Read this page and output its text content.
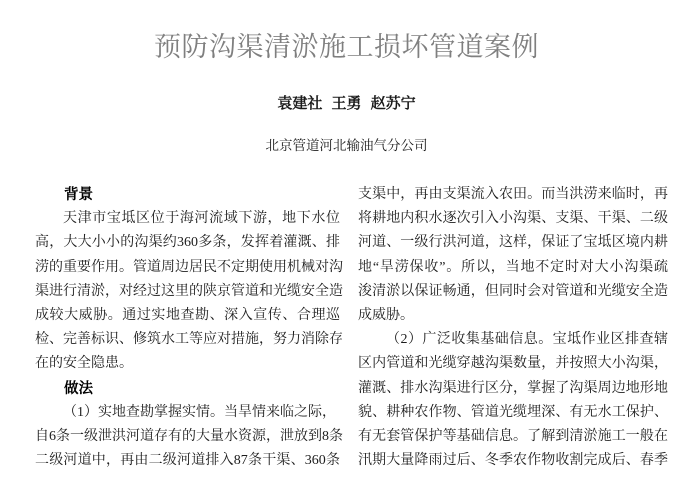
预防沟渠清淤施工损坏管道案例
袁建社 王勇 赵苏宁
北京管道河北输油气分公司
背景
天津市宝坻区位于海河流域下游，地下水位
高，大大小小的沟渠约360多条，发挥着灌溉、排
涝的重要作用。管道周边居民不定期使用机械对沟
渠进行清淤，对经过这里的陕京管道和光缆安全造
成较大威胁。通过实地查勘、深入宣传、合理巡
检、完善标识、修筑水工等应对措施，努力消除存
在的安全隐患。
做法
（1）实地查勘掌握实情。当旱情来临之际，
自6条一级泄洪河道存有的大量水资源，泄放到8条
二级河道中，再由二级河道排入87条干渠、360条
支渠中，再由支渠流入农田。而当洪涝来临时，再
将耕地内积水逐次引入小沟渠、支渠、干渠、二级
河道、一级行洪河道，这样，保证了宝坻区境内耕
地“旱涝保收”。所以，当地不定时对大小沟渠疏
浚清淤以保证畅通，但同时会对管道和光缆安全造
成威胁。
（2）广泛收集基础信息。宝坻作业区排查辖
区内管道和光缆穿越沟渠数量，并按照大小沟渠，
灌溉、排水沟渠进行区分，掌握了沟渠周边地形地
貌、耕种农作物、管道光缆埋深、有无水工保护、
有无套管保护等基础信息。了解到清淤施工一般在
汛期大量降雨过后、冬季农作物收割完成后、春季
